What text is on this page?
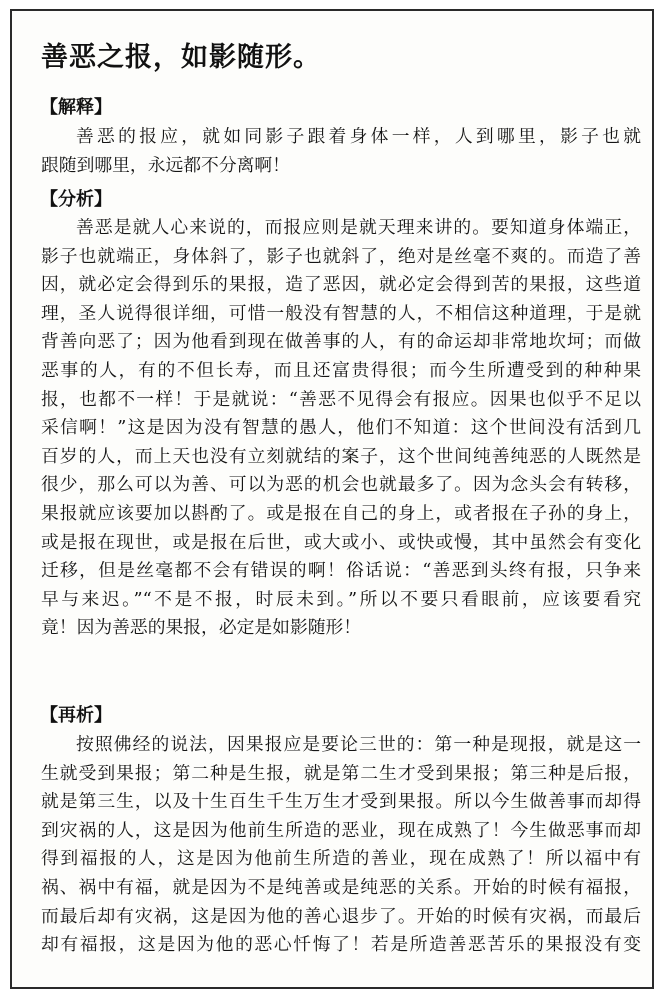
善恶之报，如影随形。
【解释】
善恶的报应，就如同影子跟着身体一样，人到哪里，影子也就
跟随到哪里，永远都不分离啊！
【分析】
善恶是就人心来说的，而报应则是就天理来讲的。要知道身体端正，
影子也就端正，身体斜了，影子也就斜了，绝对是丝毫不爽的。而造了善
因，就必定会得到乐的果报，造了恶因，就必定会得到苦的果报，这些道
理，圣人说得很详细，可惜一般没有智慧的人，不相信这种道理，于是就
背善向恶了；因为他看到现在做善事的人，有的命运却非常地坎坷；而做
恶事的人，有的不但长寿，而且还富贵得很；而今生所遭受到的种种果
报，也都不一样！于是就说：“善恶不见得会有报应。因果也似乎不足以
采信啊！”这是因为没有智慧的愚人，他们不知道：这个世间没有活到几
百岁的人，而上天也没有立刻就结的案子，这个世间纯善纯恶的人既然是
很少，那么可以为善、可以为恶的机会也就最多了。因为念头会有转移，
果报就应该要加以斟酌了。或是报在自己的身上，或者报在子孙的身上，
或是报在现世，或是报在后世，或大或小、或快或慢，其中虽然会有变化
迁移，但是丝毫都不会有错误的啊！俗话说：“善恶到头终有报，只争来
早与来迟。”“不是不报，时辰未到。”所以不要只看眼前，应该要看究
竟！因为善恶的果报，必定是如影随形！
【再析】
按照佛经的说法，因果报应是要论三世的：第一种是现报，就是这一
生就受到果报；第二种是生报，就是第二生才受到果报；第三种是后报，
就是第三生，以及十生百生千生万生才受到果报。所以今生做善事而却得
到灾祸的人，这是因为他前生所造的恶业，现在成熟了！今生做恶事而却
得到福报的人，这是因为他前生所造的善业，现在成熟了！所以福中有
祸、祸中有福，就是因为不是纯善或是纯恶的关系。开始的时候有福报，
而最后却有灾祸，这是因为他的善心退步了。开始的时候有灾祸，而最后
却有福报，这是因为他的恶心忏悔了！若是所造善恶苦乐的果报没有变
